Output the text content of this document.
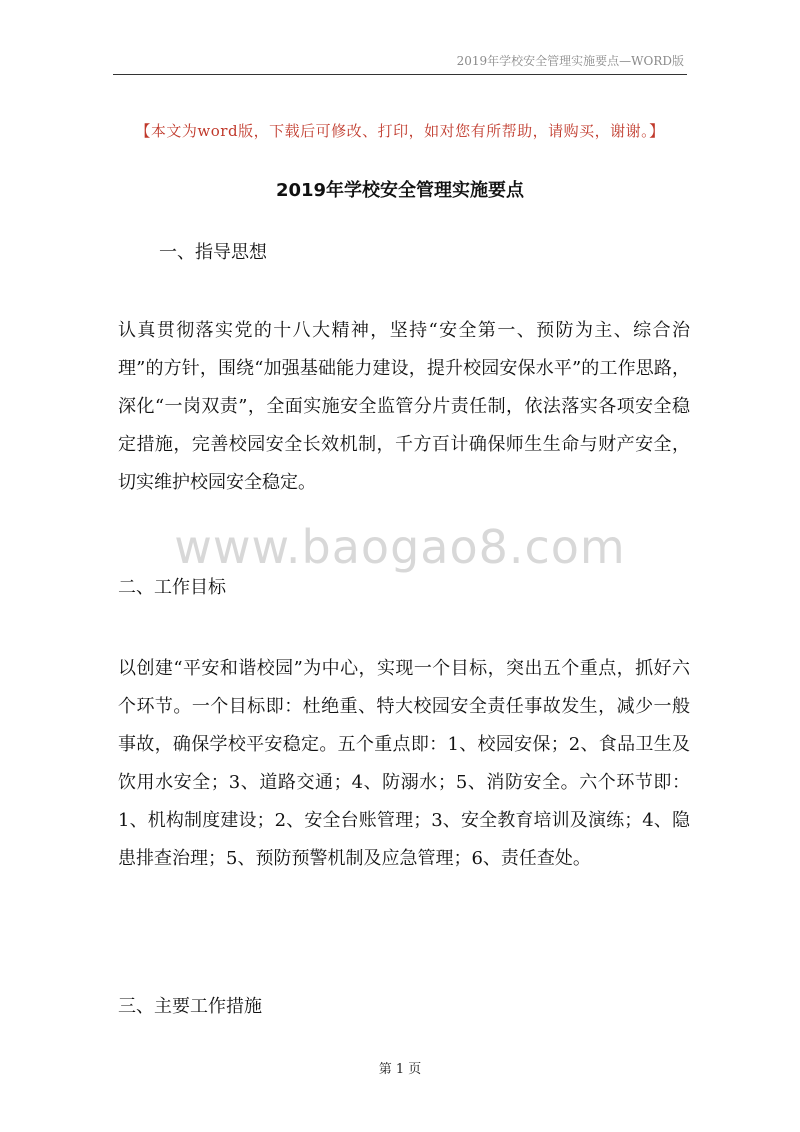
2019年学校安全管理实施要点—WORD版
【本文为word版，下载后可修改、打印，如对您有所帮助，请购买，谢谢。】
2019年学校安全管理实施要点
一、指导思想
认真贯彻落实党的十八大精神，坚持“安全第一、预防为主、综合治理”的方针，围绕“加强基础能力建设，提升校园安保水平”的工作思路，深化“一岗双责”，全面实施安全监管分片责任制，依法落实各项安全稳定措施，完善校园安全长效机制，千方百计确保师生生命与财产安全，切实维护校园安全稳定。
www.baogao8.com
二、工作目标
以创建“平安和谐校园”为中心，实现一个目标，突出五个重点，抓好六个环节。一个目标即：杜绝重、特大校园安全责任事故发生，减少一般事故，确保学校平安稳定。五个重点即：1、校园安保；2、食品卫生及饮用水安全；3、道路交通；4、防溺水；5、消防安全。六个环节即：1、机构制度建设；2、安全台账管理；3、安全教育培训及演练；4、隐患排查治理；5、预防预警机制及应急管理；6、责任查处。
三、主要工作措施
第 1 页
